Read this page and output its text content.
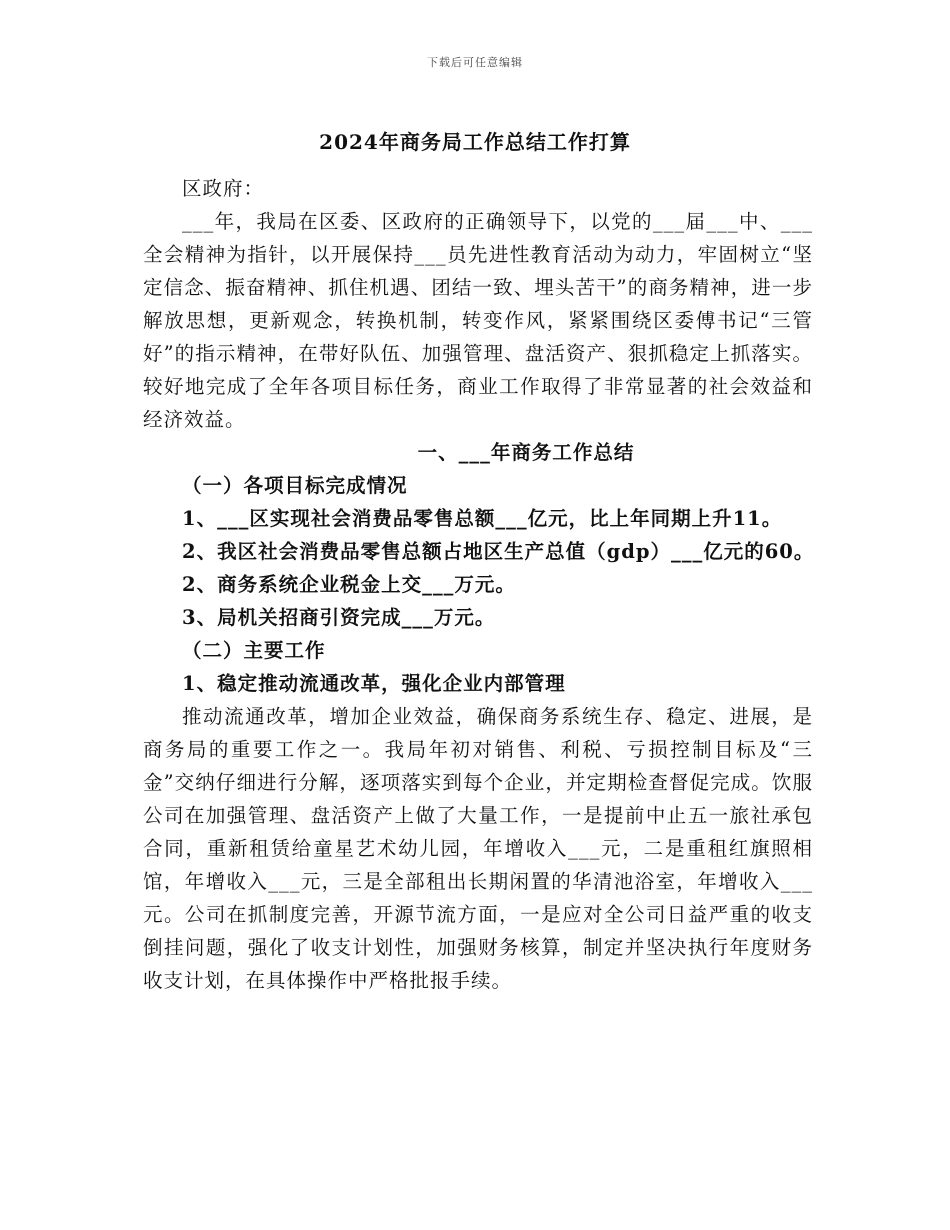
下载后可任意编辑
2024年商务局工作总结工作打算

区政府：

___年，我局在区委、区政府的正确领导下，以党的___届___中、___全会精神为指针，以开展保持___员先进性教育活动为动力，牢固树立“坚定信念、振奋精神、抓住机遇、团结一致、埋头苦干”的商务精神，进一步解放思想，更新观念，转换机制，转变作风，紧紧围绕区委傅书记“三管好”的指示精神，在带好队伍、加强管理、盘活资产、狠抓稳定上抓落实。较好地完成了全年各项目标任务，商业工作取得了非常显著的社会效益和经济效益。

一、___年商务工作总结

（一）各项目标完成情况

1、___区实现社会消费品零售总额___亿元，比上年同期上升11。

2、我区社会消费品零售总额占地区生产总值（gdp）___亿元的60。

2、商务系统企业税金上交___万元。

3、局机关招商引资完成___万元。

（二）主要工作

1、稳定推动流通改革，强化企业内部管理

推动流通改革，增加企业效益，确保商务系统生存、稳定、进展，是商务局的重要工作之一。我局年初对销售、利税、亏损控制目标及“三金”交纳仔细进行分解，逐项落实到每个企业，并定期检查督促完成。饮服公司在加强管理、盘活资产上做了大量工作，一是提前中止五一旅社承包合同，重新租赁给童星艺术幼儿园，年增收入___元，二是重租红旗照相馆，年增收入___元，三是全部租出长期闲置的华清池浴室，年增收入___元。公司在抓制度完善，开源节流方面，一是应对全公司日益严重的收支倒挂问题，强化了收支计划性，加强财务核算，制定并坚决执行年度财务收支计划，在具体操作中严格批报手续。
